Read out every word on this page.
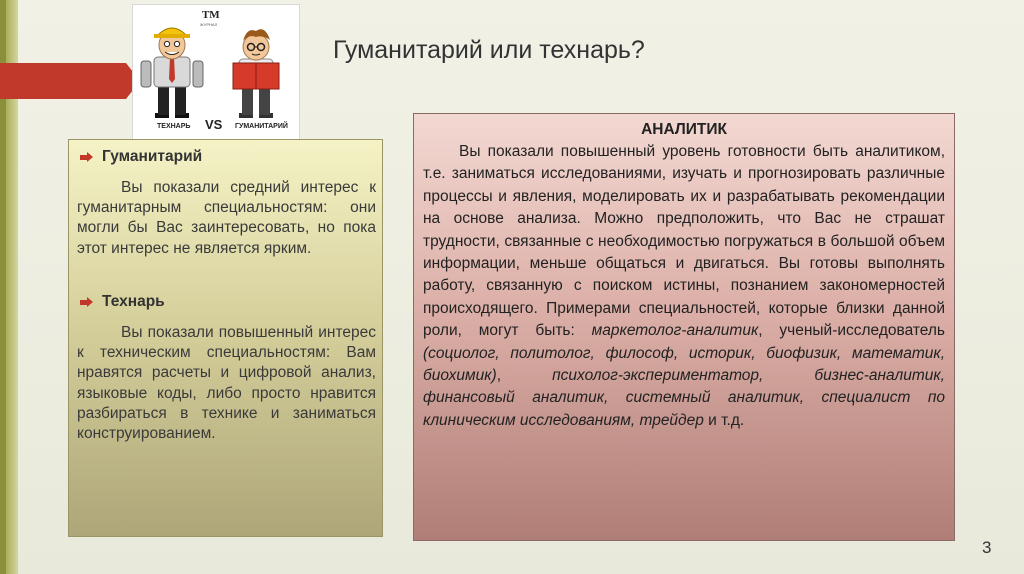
ТМ
ЖУРНАЛ
ТЕХНАРЬ VS ГУМАНИТАРИЙ
Гуманитарий или технарь?
Гуманитарий

Вы показали средний интерес к гуманитарным специальностям: они могли бы Вас заинтересовать, но пока этот интерес не является ярким.

Технарь

Вы показали повышенный интерес к техническим специальностям: Вам нравятся расчеты и цифровой анализ, языковые коды, либо просто нравится разбираться в технике и заниматься конструированием.

АНАЛИТИК

Вы показали повышенный уровень готовности быть аналитиком, т.е. заниматься исследованиями, изучать и прогнозировать различные процессы и явления, моделировать их и разрабатывать рекомендации на основе анализа. Можно предположить, что Вас не страшат трудности, связанные с необходимостью погружаться в большой объем информации, меньше общаться и двигаться. Вы готовы выполнять работу, связанную с поиском истины, познанием закономерностей происходящего. Примерами специальностей, которые близки данной роли, могут быть: маркетолог-аналитик, ученый-исследователь (социолог, политолог, философ, историк, биофизик, математик, биохимик), психолог-экспериментатор, бизнес-аналитик, финансовый аналитик, системный аналитик, специалист по клиническим исследованиям, трейдер и т.д.

3
